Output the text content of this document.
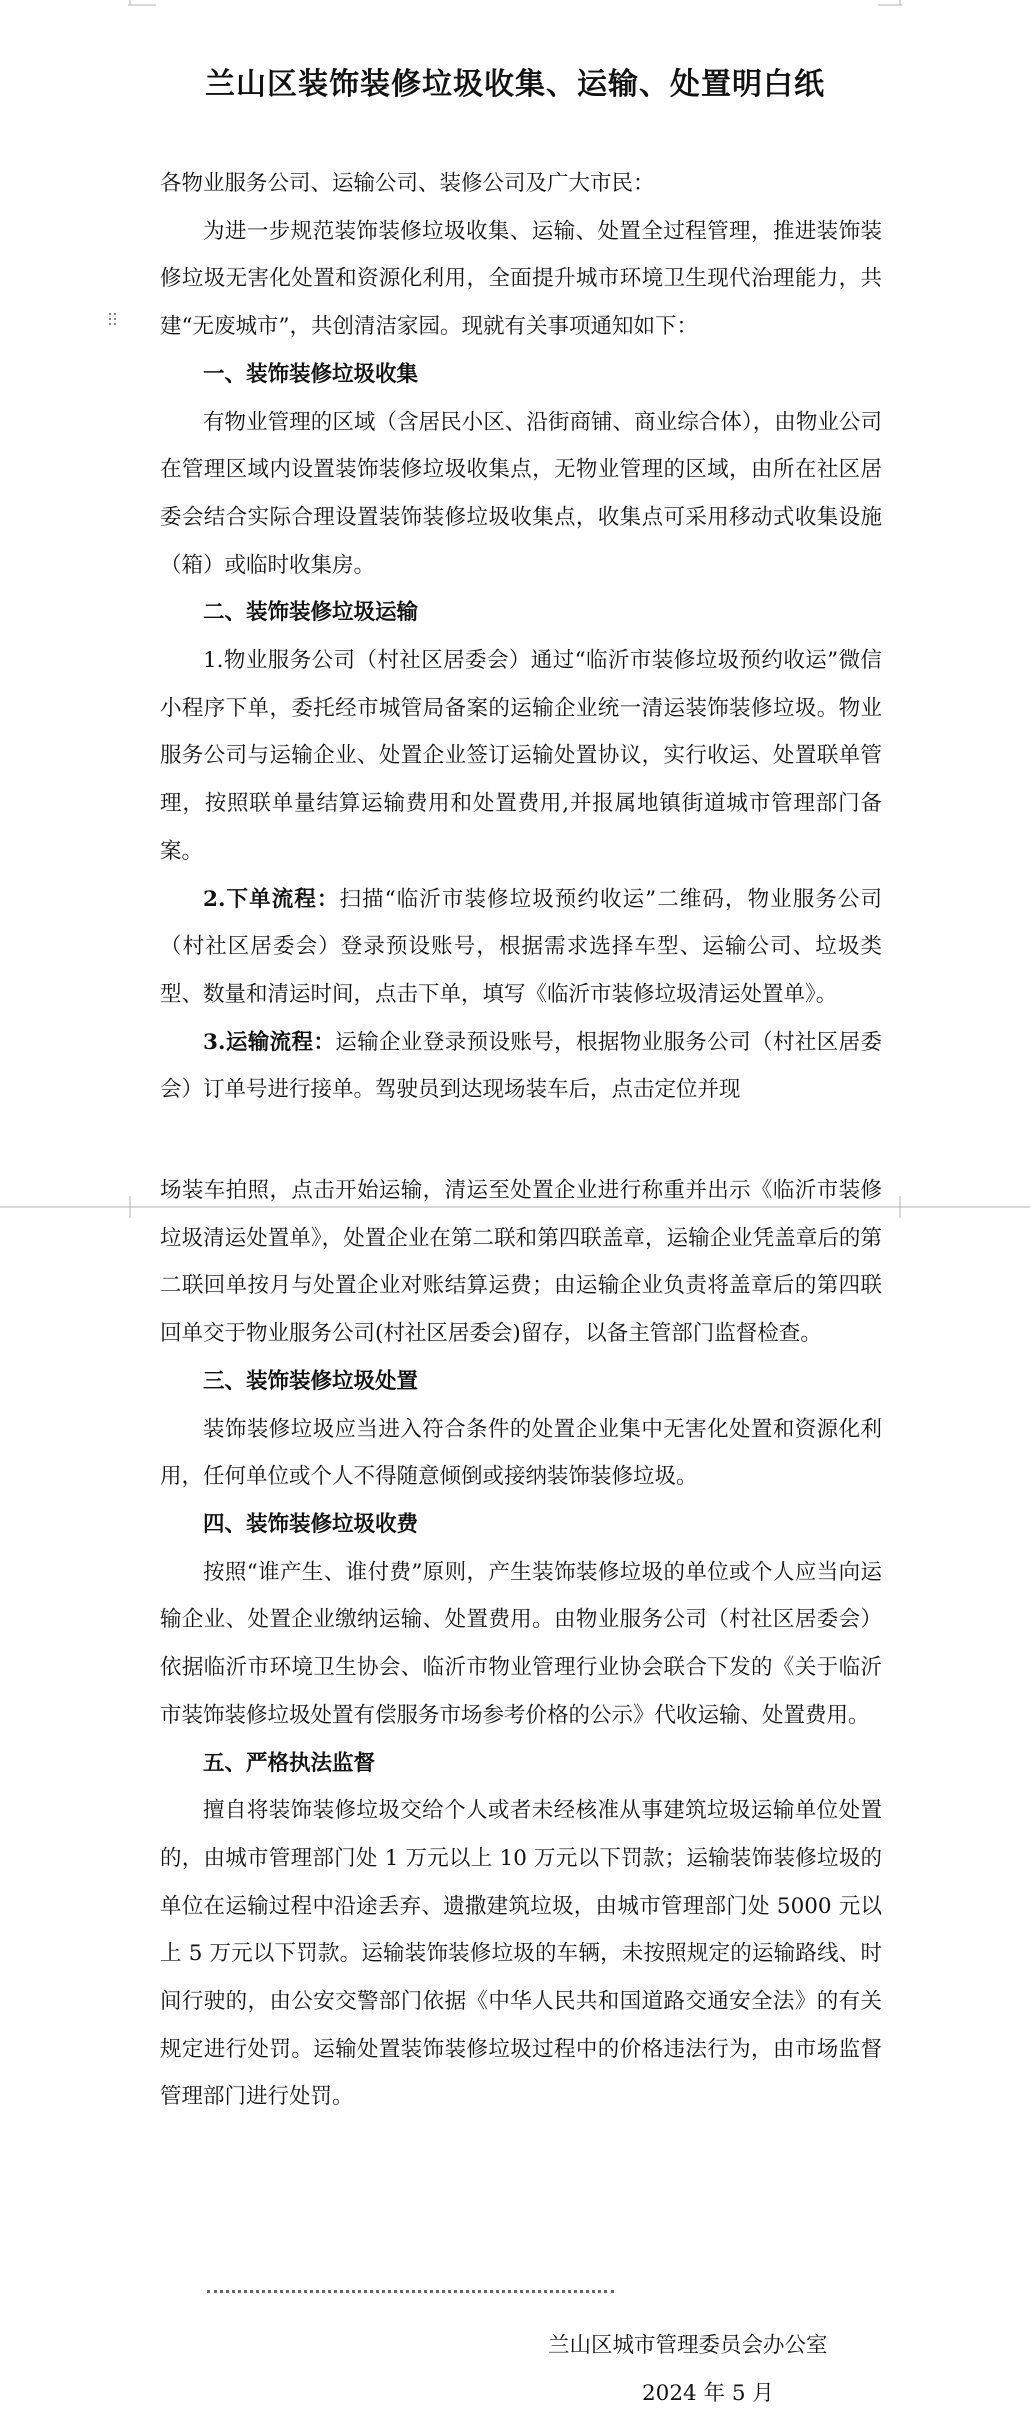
兰山区装饰装修垃圾收集、运输、处置明白纸

各物业服务公司、运输公司、装修公司及广大市民：

为进一步规范装饰装修垃圾收集、运输、处置全过程管理，推进装饰装修垃圾无害化处置和资源化利用，全面提升城市环境卫生现代治理能力，共建“无废城市”，共创清洁家园。现就有关事项通知如下：

一、装饰装修垃圾收集

有物业管理的区域（含居民小区、沿街商铺、商业综合体），由物业公司在管理区域内设置装饰装修垃圾收集点，无物业管理的区域，由所在社区居委会结合实际合理设置装饰装修垃圾收集点，收集点可采用移动式收集设施（箱）或临时收集房。

二、装饰装修垃圾运输

1.物业服务公司（村社区居委会）通过“临沂市装修垃圾预约收运”微信小程序下单，委托经市城管局备案的运输企业统一清运装饰装修垃圾。物业服务公司与运输企业、处置企业签订运输处置协议，实行收运、处置联单管理，按照联单量结算运输费用和处置费用,并报属地镇街道城市管理部门备案。

2.下单流程：扫描“临沂市装修垃圾预约收运”二维码，物业服务公司（村社区居委会）登录预设账号，根据需求选择车型、运输公司、垃圾类型、数量和清运时间，点击下单，填写《临沂市装修垃圾清运处置单》。

3.运输流程：运输企业登录预设账号，根据物业服务公司（村社区居委会）订单号进行接单。驾驶员到达现场装车后，点击定位并现

场装车拍照，点击开始运输，清运至处置企业进行称重并出示《临沂市装修垃圾清运处置单》，处置企业在第二联和第四联盖章，运输企业凭盖章后的第二联回单按月与处置企业对账结算运费；由运输企业负责将盖章后的第四联回单交于物业服务公司(村社区居委会)留存，以备主管部门监督检查。

三、装饰装修垃圾处置

装饰装修垃圾应当进入符合条件的处置企业集中无害化处置和资源化利用，任何单位或个人不得随意倾倒或接纳装饰装修垃圾。

四、装饰装修垃圾收费

按照“谁产生、谁付费”原则，产生装饰装修垃圾的单位或个人应当向运输企业、处置企业缴纳运输、处置费用。由物业服务公司（村社区居委会）依据临沂市环境卫生协会、临沂市物业管理行业协会联合下发的《关于临沂市装饰装修垃圾处置有偿服务市场参考价格的公示》代收运输、处置费用。

五、严格执法监督

擅自将装饰装修垃圾交给个人或者未经核准从事建筑垃圾运输单位处置的，由城市管理部门处 1 万元以上 10 万元以下罚款；运输装饰装修垃圾的单位在运输过程中沿途丢弃、遗撒建筑垃圾，由城市管理部门处 5000 元以上 5 万元以下罚款。运输装饰装修垃圾的车辆，未按照规定的运输路线、时间行驶的，由公安交警部门依据《中华人民共和国道路交通安全法》的有关规定进行处罚。运输处置装饰装修垃圾过程中的价格违法行为，由市场监督管理部门进行处罚。

兰山区城市管理委员会办公室
2024 年 5 月
